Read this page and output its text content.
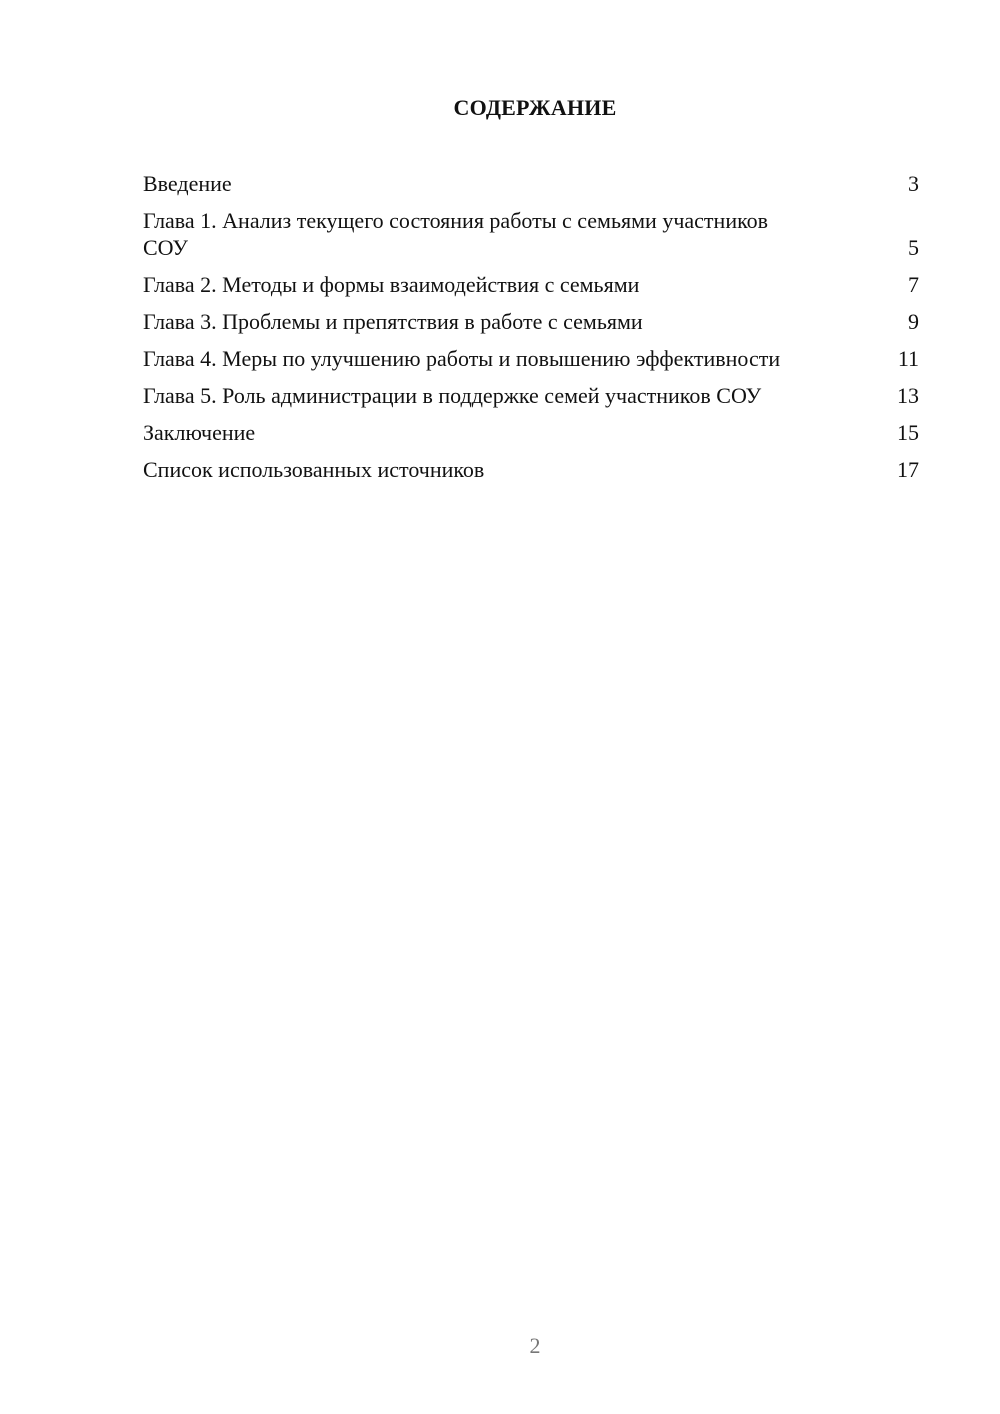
СОДЕРЖАНИЕ
Введение	3
Глава 1. Анализ текущего состояния работы с семьями участников СОУ	5
Глава 2. Методы и формы взаимодействия с семьями	7
Глава 3. Проблемы и препятствия в работе с семьями	9
Глава 4. Меры по улучшению работы и повышению эффективности	11
Глава 5. Роль администрации в поддержке семей участников СОУ	13
Заключение	15
Список использованных источников	17
2
